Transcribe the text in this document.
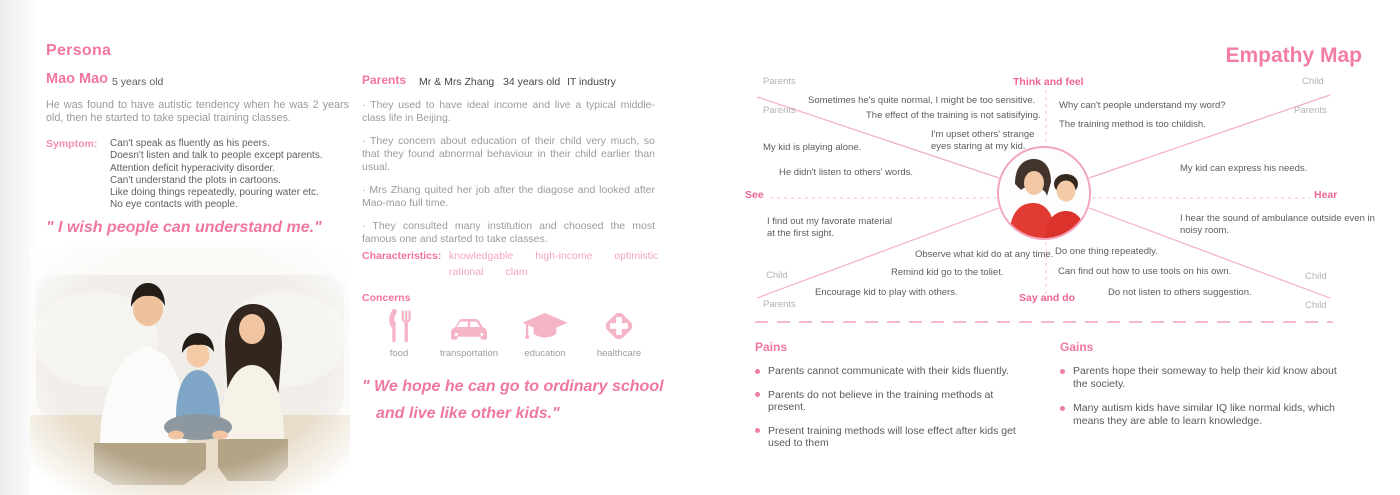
Persona
Mao Mao 5 years old
He was found to have autistic tendency when he was 2 years old, then he started to take special training classes.
Symptom: Can't speak as fluently as his peers.
Doesn't listen and talk to people except parents.
Attention deficit hyperacivity disorder.
Can't understand the plots in cartoons.
Like doing things repeatedly, pouring water etc.
No eye contacts with people.
" I wish people can understand me."
Parents Mr & Mrs Zhang 34 years old IT industry
· They used to have ideal income and live a typical middle-class life in Beijing.
· They concern about education of their child very much, so that they found abnormal behaviour in their child earlier than usual.
· Mrs Zhang quited her job after the diagose and looked after Mao-mao full time.
· They consulted many institution and choosed the most famous one and started to take classes.
Characteristics: knowledgable high-income optimistic
rational clam
Concerns
food	transportation	education	healthcare
" We hope he can go to ordinary school
and live like other kids."
Empathy Map
Think and feel
See	Hear
Say and do
Parents
Parents
Child
Parents
Child
Parents
Child
Child
Sometimes he's quite normal, I might be too sensitive.
The effect of the training is not satisifying.
I'm upset others' strange eyes staring at my kid.
My kid is playing alone.
Why can't people understand my word?
The training method is too childish.
He didn't listen to others' words.	My kid can express his needs.
I find out my favorate material at the first sight.
I hear the sound of ambulance outside even in noisy room.
Observe what kid do at any time.
Remind kid go to the toliet.
Encourage kid to play with others.
Do one thing repeatedly.
Can find out how to use tools on his own.
Do not listen to others suggestion.
Pains
Parents cannot communicate with their kids fluently.
Parents do not believe in the training methods at present.
Present training methods will lose effect after kids get used to them
Gains
Parents hope their someway to help their kid know about the society.
Many autism kids have similar IQ like normal kids, which means they are able to learn knowledge.
